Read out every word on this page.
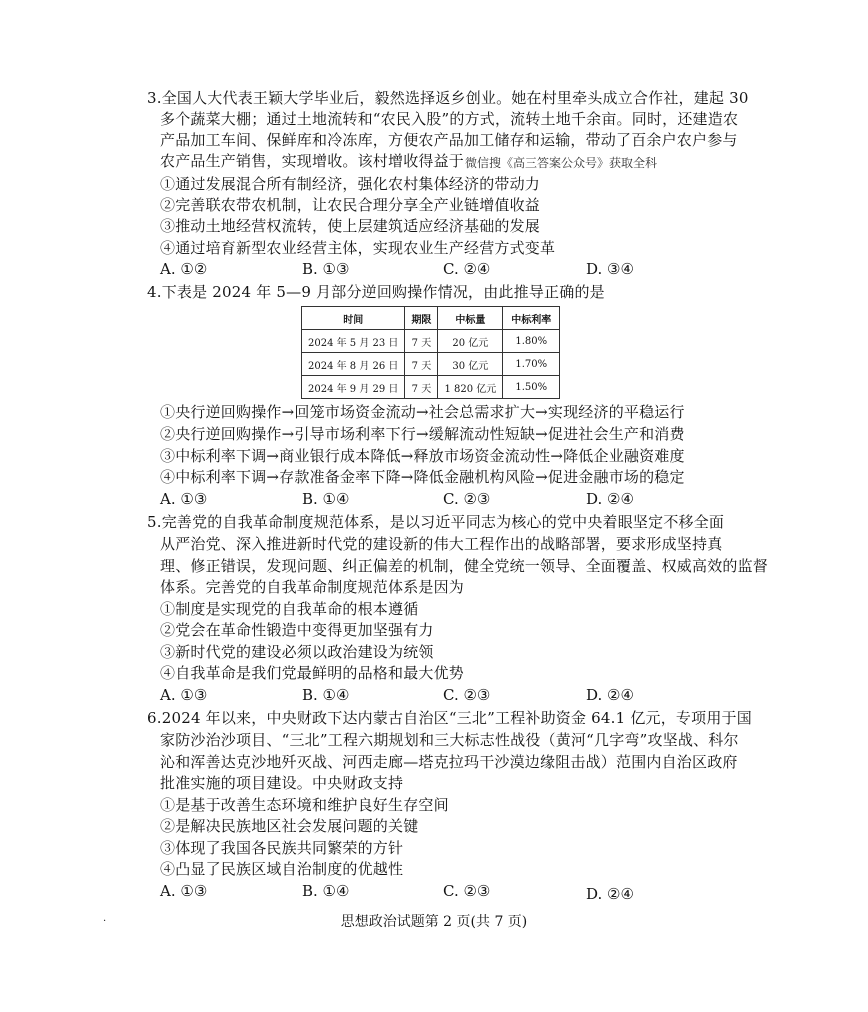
3.全国人大代表王颖大学毕业后，毅然选择返乡创业。她在村里牵头成立合作社，建起 30
多个蔬菜大棚；通过土地流转和“农民入股”的方式，流转土地千余亩。同时，还建造农
产品加工车间、保鲜库和冷冻库，方便农产品加工储存和运输，带动了百余户农户参与
农产品生产销售，实现增收。该村增收得益于 微信搜《高三答案公众号》获取全科
①通过发展混合所有制经济，强化农村集体经济的带动力
②完善联农带农机制，让农民合理分享全产业链增值收益
③推动土地经营权流转，使上层建筑适应经济基础的发展
④通过培育新型农业经营主体，实现农业生产经营方式变革
A. ①②	B. ①③	C. ②④	D. ③④
4.下表是 2024 年 5—9 月部分逆回购操作情况，由此推导正确的是
时间	期限	中标量	中标利率
2024 年 5 月 23 日	7 天	20 亿元	1.80%
2024 年 8 月 26 日	7 天	30 亿元	1.70%
2024 年 9 月 29 日	7 天	1 820 亿元	1.50%
①央行逆回购操作→回笼市场资金流动→社会总需求扩大→实现经济的平稳运行
②央行逆回购操作→引导市场利率下行→缓解流动性短缺→促进社会生产和消费
③中标利率下调→商业银行成本降低→释放市场资金流动性→降低企业融资难度
④中标利率下调→存款准备金率下降→降低金融机构风险→促进金融市场的稳定
A. ①③	B. ①④	C. ②③	D. ②④
5.完善党的自我革命制度规范体系，是以习近平同志为核心的党中央着眼坚定不移全面
从严治党、深入推进新时代党的建设新的伟大工程作出的战略部署，要求形成坚持真
理、修正错误，发现问题、纠正偏差的机制，健全党统一领导、全面覆盖、权威高效的监督
体系。完善党的自我革命制度规范体系是因为
①制度是实现党的自我革命的根本遵循
②党会在革命性锻造中变得更加坚强有力
③新时代党的建设必须以政治建设为统领
④自我革命是我们党最鲜明的品格和最大优势
A. ①③	B. ①④	C. ②③	D. ②④
6.2024 年以来，中央财政下达内蒙古自治区“三北”工程补助资金 64.1 亿元，专项用于国
家防沙治沙项目、“三北”工程六期规划和三大标志性战役（黄河“几字弯”攻坚战、科尔
沁和浑善达克沙地歼灭战、河西走廊—塔克拉玛干沙漠边缘阻击战）范围内自治区政府
批准实施的项目建设。中央财政支持
①是基于改善生态环境和维护良好生存空间
②是解决民族地区社会发展问题的关键
③体现了我国各民族共同繁荣的方针
④凸显了民族区域自治制度的优越性
A. ①③	B. ①④	C. ②③	D. ②④
.	思想政治试题第 2 页(共 7 页)
